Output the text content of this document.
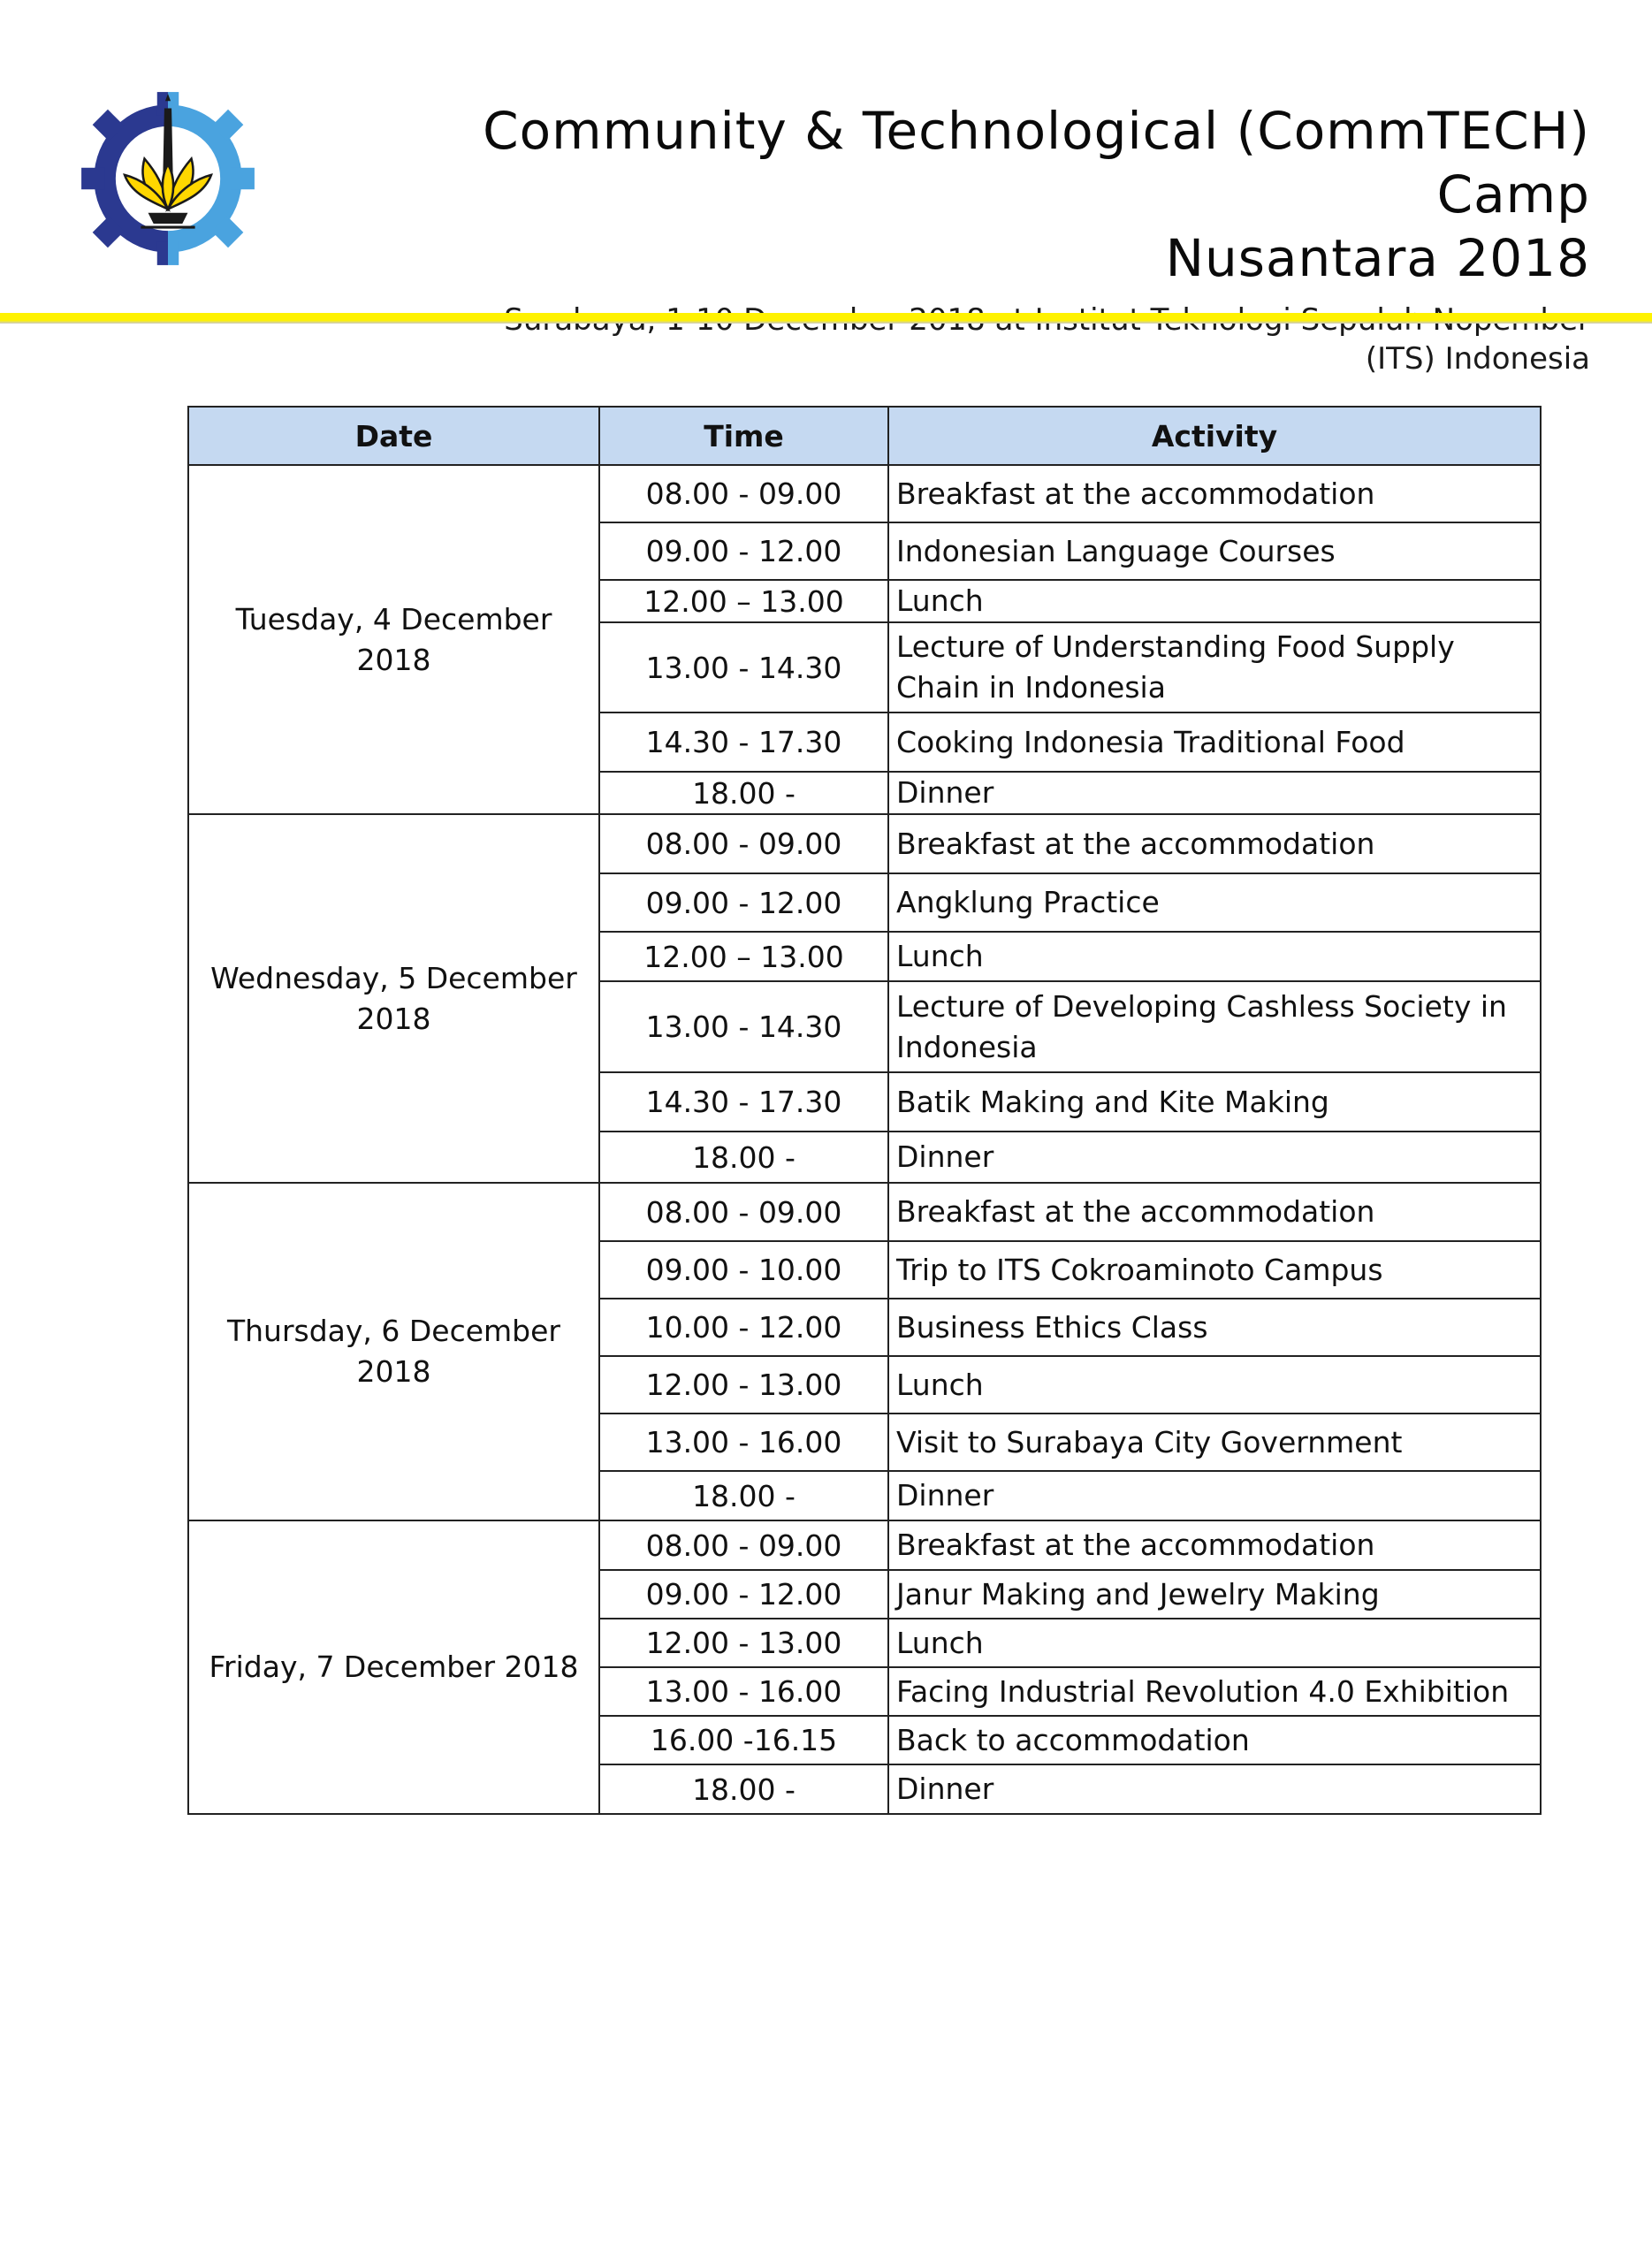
Community & Technological (CommTECH) Camp
Nusantara 2018
(ITS) Indonesia
Date	Time	Activity
Tuesday, 4 December 2018	08.00 - 09.00	Breakfast at the accommodation
	09.00 - 12.00	Indonesian Language Courses
	12.00 – 13.00	Lunch
	13.00 - 14.30	Lecture of Understanding Food Supply Chain in Indonesia
	14.30 - 17.30	Cooking Indonesia Traditional Food
	18.00 -	Dinner
Wednesday, 5 December 2018	08.00 - 09.00	Breakfast at the accommodation
	09.00 - 12.00	Angklung Practice
	12.00 – 13.00	Lunch
	13.00 - 14.30	Lecture of Developing Cashless Society in Indonesia
	14.30 - 17.30	Batik Making and Kite Making
	18.00 -	Dinner
Thursday, 6 December 2018	08.00 - 09.00	Breakfast at the accommodation
	09.00 - 10.00	Trip to ITS Cokroaminoto Campus
	10.00 - 12.00	Business Ethics Class
	12.00 - 13.00	Lunch
	13.00 - 16.00	Visit to Surabaya City Government
	18.00 -	Dinner
Friday, 7 December 2018	08.00 - 09.00	Breakfast at the accommodation
	09.00 - 12.00	Janur Making and Jewelry Making
	12.00 - 13.00	Lunch
	13.00 - 16.00	Facing Industrial Revolution 4.0 Exhibition
	16.00 -16.15	Back to accommodation
	18.00 -	Dinner
